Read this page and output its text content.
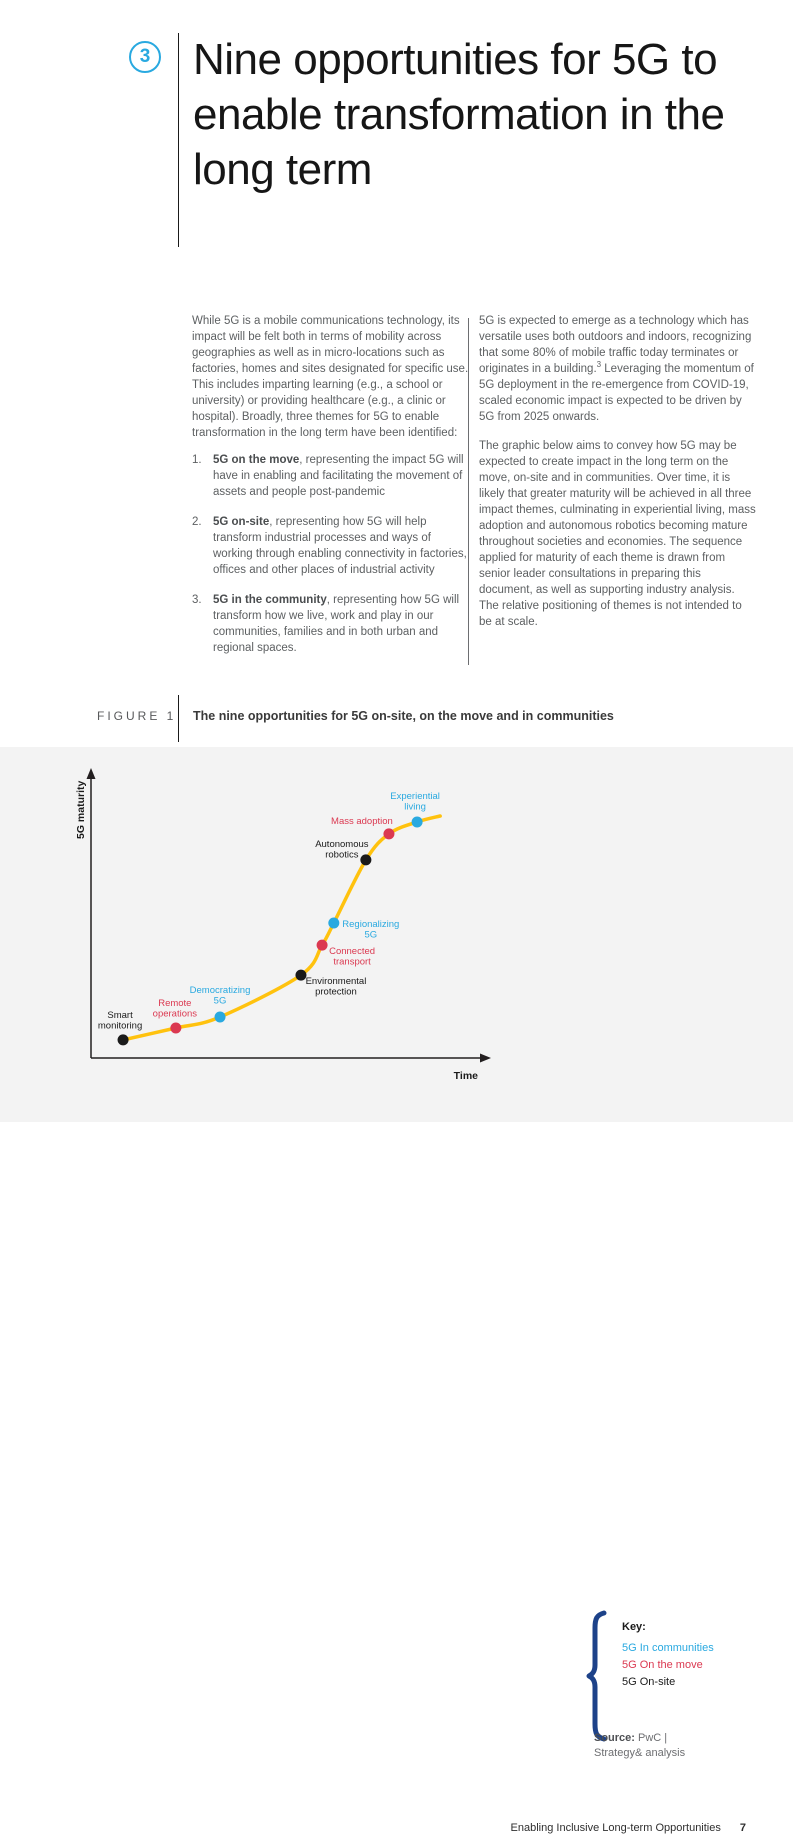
3 Nine opportunities for 5G to enable transformation in the long term

While 5G is a mobile communications technology, its impact will be felt both in terms of mobility across geographies as well as in micro-locations such as factories, homes and sites designated for specific use. This includes imparting learning (e.g., a school or university) or providing healthcare (e.g., a clinic or hospital). Broadly, three themes for 5G to enable transformation in the long term have been identified:

1. 5G on the move, representing the impact 5G will have in enabling and facilitating the movement of assets and people post-pandemic
2. 5G on-site, representing how 5G will help transform industrial processes and ways of working through enabling connectivity in factories, offices and other places of industrial activity
3. 5G in the community, representing how 5G will transform how we live, work and play in our communities, families and in both urban and regional spaces.

5G is expected to emerge as a technology which has versatile uses both outdoors and indoors, recognizing that some 80% of mobile traffic today terminates or originates in a building.$^3$ Leveraging the momentum of 5G deployment in the re-emergence from COVID-19, scaled economic impact is expected to be driven by 5G from 2025 onwards.

The graphic below aims to convey how 5G may be expected to create impact in the long term on the move, on-site and in communities. Over time, it is likely that greater maturity will be achieved in all three impact themes, culminating in experiential living, mass adoption and autonomous robotics becoming mature throughout societies and economies. The sequence applied for maturity of each theme is drawn from senior leader consultations in preparing this document, as well as supporting industry analysis. The relative positioning of themes is not intended to be at scale.

FIGURE 1 The nine opportunities for 5G on-site, on the move and in communities
5G maturity
Time
Smart monitoring
Remote operations
Democratizing 5G
Environmental protection
Connected transport
Regionalizing 5G
Autonomous robotics
Mass adoption
Experiential living
Key:
5G In communities
5G On the move
5G On-site
Source: PwC | Strategy& analysis
Enabling Inclusive Long-term Opportunities 7
